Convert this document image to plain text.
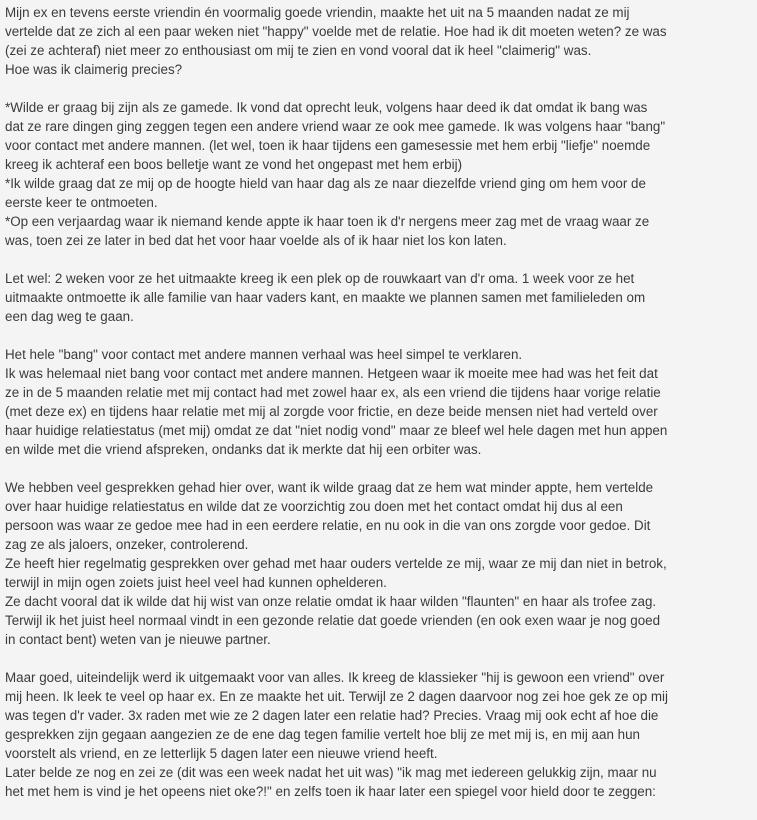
Mijn ex en tevens eerste vriendin én voormalig goede vriendin, maakte het uit na 5 maanden nadat ze mij
vertelde dat ze zich al een paar weken niet "happy" voelde met de relatie. Hoe had ik dit moeten weten? ze was
(zei ze achteraf) niet meer zo enthousiast om mij te zien en vond vooral dat ik heel "claimerig" was.
Hoe was ik claimerig precies?

*Wilde er graag bij zijn als ze gamede. Ik vond dat oprecht leuk, volgens haar deed ik dat omdat ik bang was
dat ze rare dingen ging zeggen tegen een andere vriend waar ze ook mee gamede. Ik was volgens haar "bang"
voor contact met andere mannen. (let wel, toen ik haar tijdens een gamesessie met hem erbij "liefje" noemde
kreeg ik achteraf een boos belletje want ze vond het ongepast met hem erbij)
*Ik wilde graag dat ze mij op de hoogte hield van haar dag als ze naar diezelfde vriend ging om hem voor de
eerste keer te ontmoeten.
*Op een verjaardag waar ik niemand kende appte ik haar toen ik d'r nergens meer zag met de vraag waar ze
was, toen zei ze later in bed dat het voor haar voelde als of ik haar niet los kon laten.

Let wel: 2 weken voor ze het uitmaakte kreeg ik een plek op de rouwkaart van d'r oma. 1 week voor ze het
uitmaakte ontmoette ik alle familie van haar vaders kant, en maakte we plannen samen met familieleden om
een dag weg te gaan.

Het hele "bang" voor contact met andere mannen verhaal was heel simpel te verklaren.
Ik was helemaal niet bang voor contact met andere mannen. Hetgeen waar ik moeite mee had was het feit dat
ze in de 5 maanden relatie met mij contact had met zowel haar ex, als een vriend die tijdens haar vorige relatie
(met deze ex) en tijdens haar relatie met mij al zorgde voor frictie, en deze beide mensen niet had verteld over
haar huidige relatiestatus (met mij) omdat ze dat "niet nodig vond" maar ze bleef wel hele dagen met hun appen
en wilde met die vriend afspreken, ondanks dat ik merkte dat hij een orbiter was.

We hebben veel gesprekken gehad hier over, want ik wilde graag dat ze hem wat minder appte, hem vertelde
over haar huidige relatiestatus en wilde dat ze voorzichtig zou doen met het contact omdat hij dus al een
persoon was waar ze gedoe mee had in een eerdere relatie, en nu ook in die van ons zorgde voor gedoe. Dit
zag ze als jaloers, onzeker, controlerend.
Ze heeft hier regelmatig gesprekken over gehad met haar ouders vertelde ze mij, waar ze mij dan niet in betrok,
terwijl in mijn ogen zoiets juist heel veel had kunnen ophelderen.
Ze dacht vooral dat ik wilde dat hij wist van onze relatie omdat ik haar wilden "flaunten" en haar als trofee zag.
Terwijl ik het juist heel normaal vindt in een gezonde relatie dat goede vrienden (en ook exen waar je nog goed
in contact bent) weten van je nieuwe partner.

Maar goed, uiteindelijk werd ik uitgemaakt voor van alles. Ik kreeg de klassieker "hij is gewoon een vriend" over
mij heen. Ik leek te veel op haar ex. En ze maakte het uit. Terwijl ze 2 dagen daarvoor nog zei hoe gek ze op mij
was tegen d'r vader. 3x raden met wie ze 2 dagen later een relatie had? Precies. Vraag mij ook echt af hoe die
gesprekken zijn gegaan aangezien ze de ene dag tegen familie vertelt hoe blij ze met mij is, en mij aan hun
voorstelt als vriend, en ze letterlijk 5 dagen later een nieuwe vriend heeft.
Later belde ze nog en zei ze (dit was een week nadat het uit was) "ik mag met iedereen gelukkig zijn, maar nu
het met hem is vind je het opeens niet oke?!" en zelfs toen ik haar later een spiegel voor hield door te zeggen:
